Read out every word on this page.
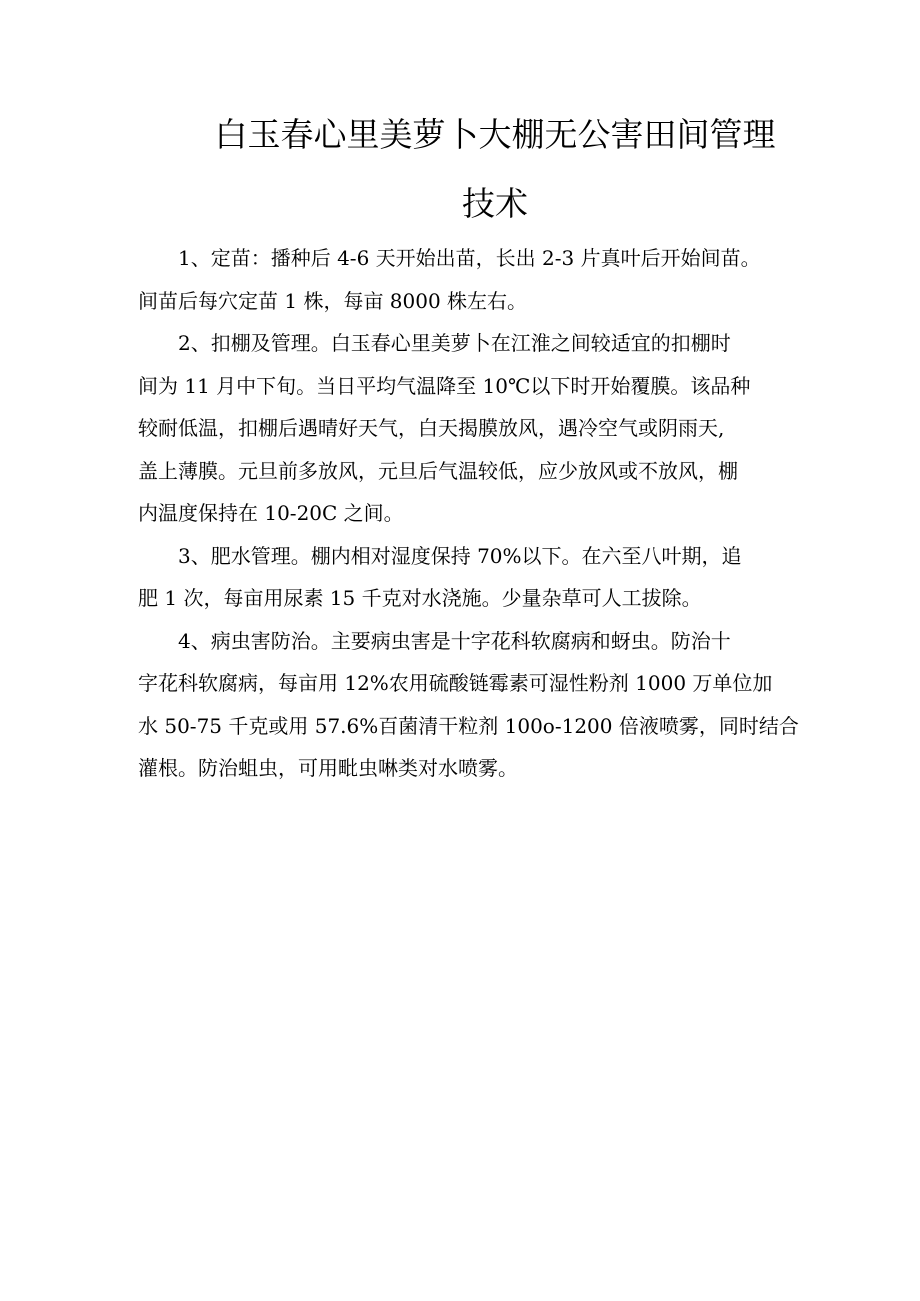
白玉春心里美萝卜大棚无公害田间管理
技术

1、定苗：播种后 4-6 天开始出苗，长出 2-3 片真叶后开始间苗。
间苗后每穴定苗 1 株，每亩 8000 株左右。

2、扣棚及管理。白玉春心里美萝卜在江淮之间较适宜的扣棚时
间为 11 月中下旬。当日平均气温降至 10℃以下时开始覆膜。该品种
较耐低温，扣棚后遇晴好天气，白天揭膜放风，遇冷空气或阴雨天,
盖上薄膜。元旦前多放风，元旦后气温较低，应少放风或不放风，棚
内温度保持在 10-20C 之间。

3、肥水管理。棚内相对湿度保持 70%以下。在六至八叶期，追
肥 1 次，每亩用尿素 15 千克对水浇施。少量杂草可人工拔除。

4、病虫害防治。主要病虫害是十字花科软腐病和蚜虫。防治十
字花科软腐病，每亩用 12%农用硫酸链霉素可湿性粉剂 1000 万单位加
水 50-75 千克或用 57.6%百菌清干粒剂 100o-1200 倍液喷雾，同时结合
灌根。防治蛆虫，可用毗虫啉类对水喷雾。
